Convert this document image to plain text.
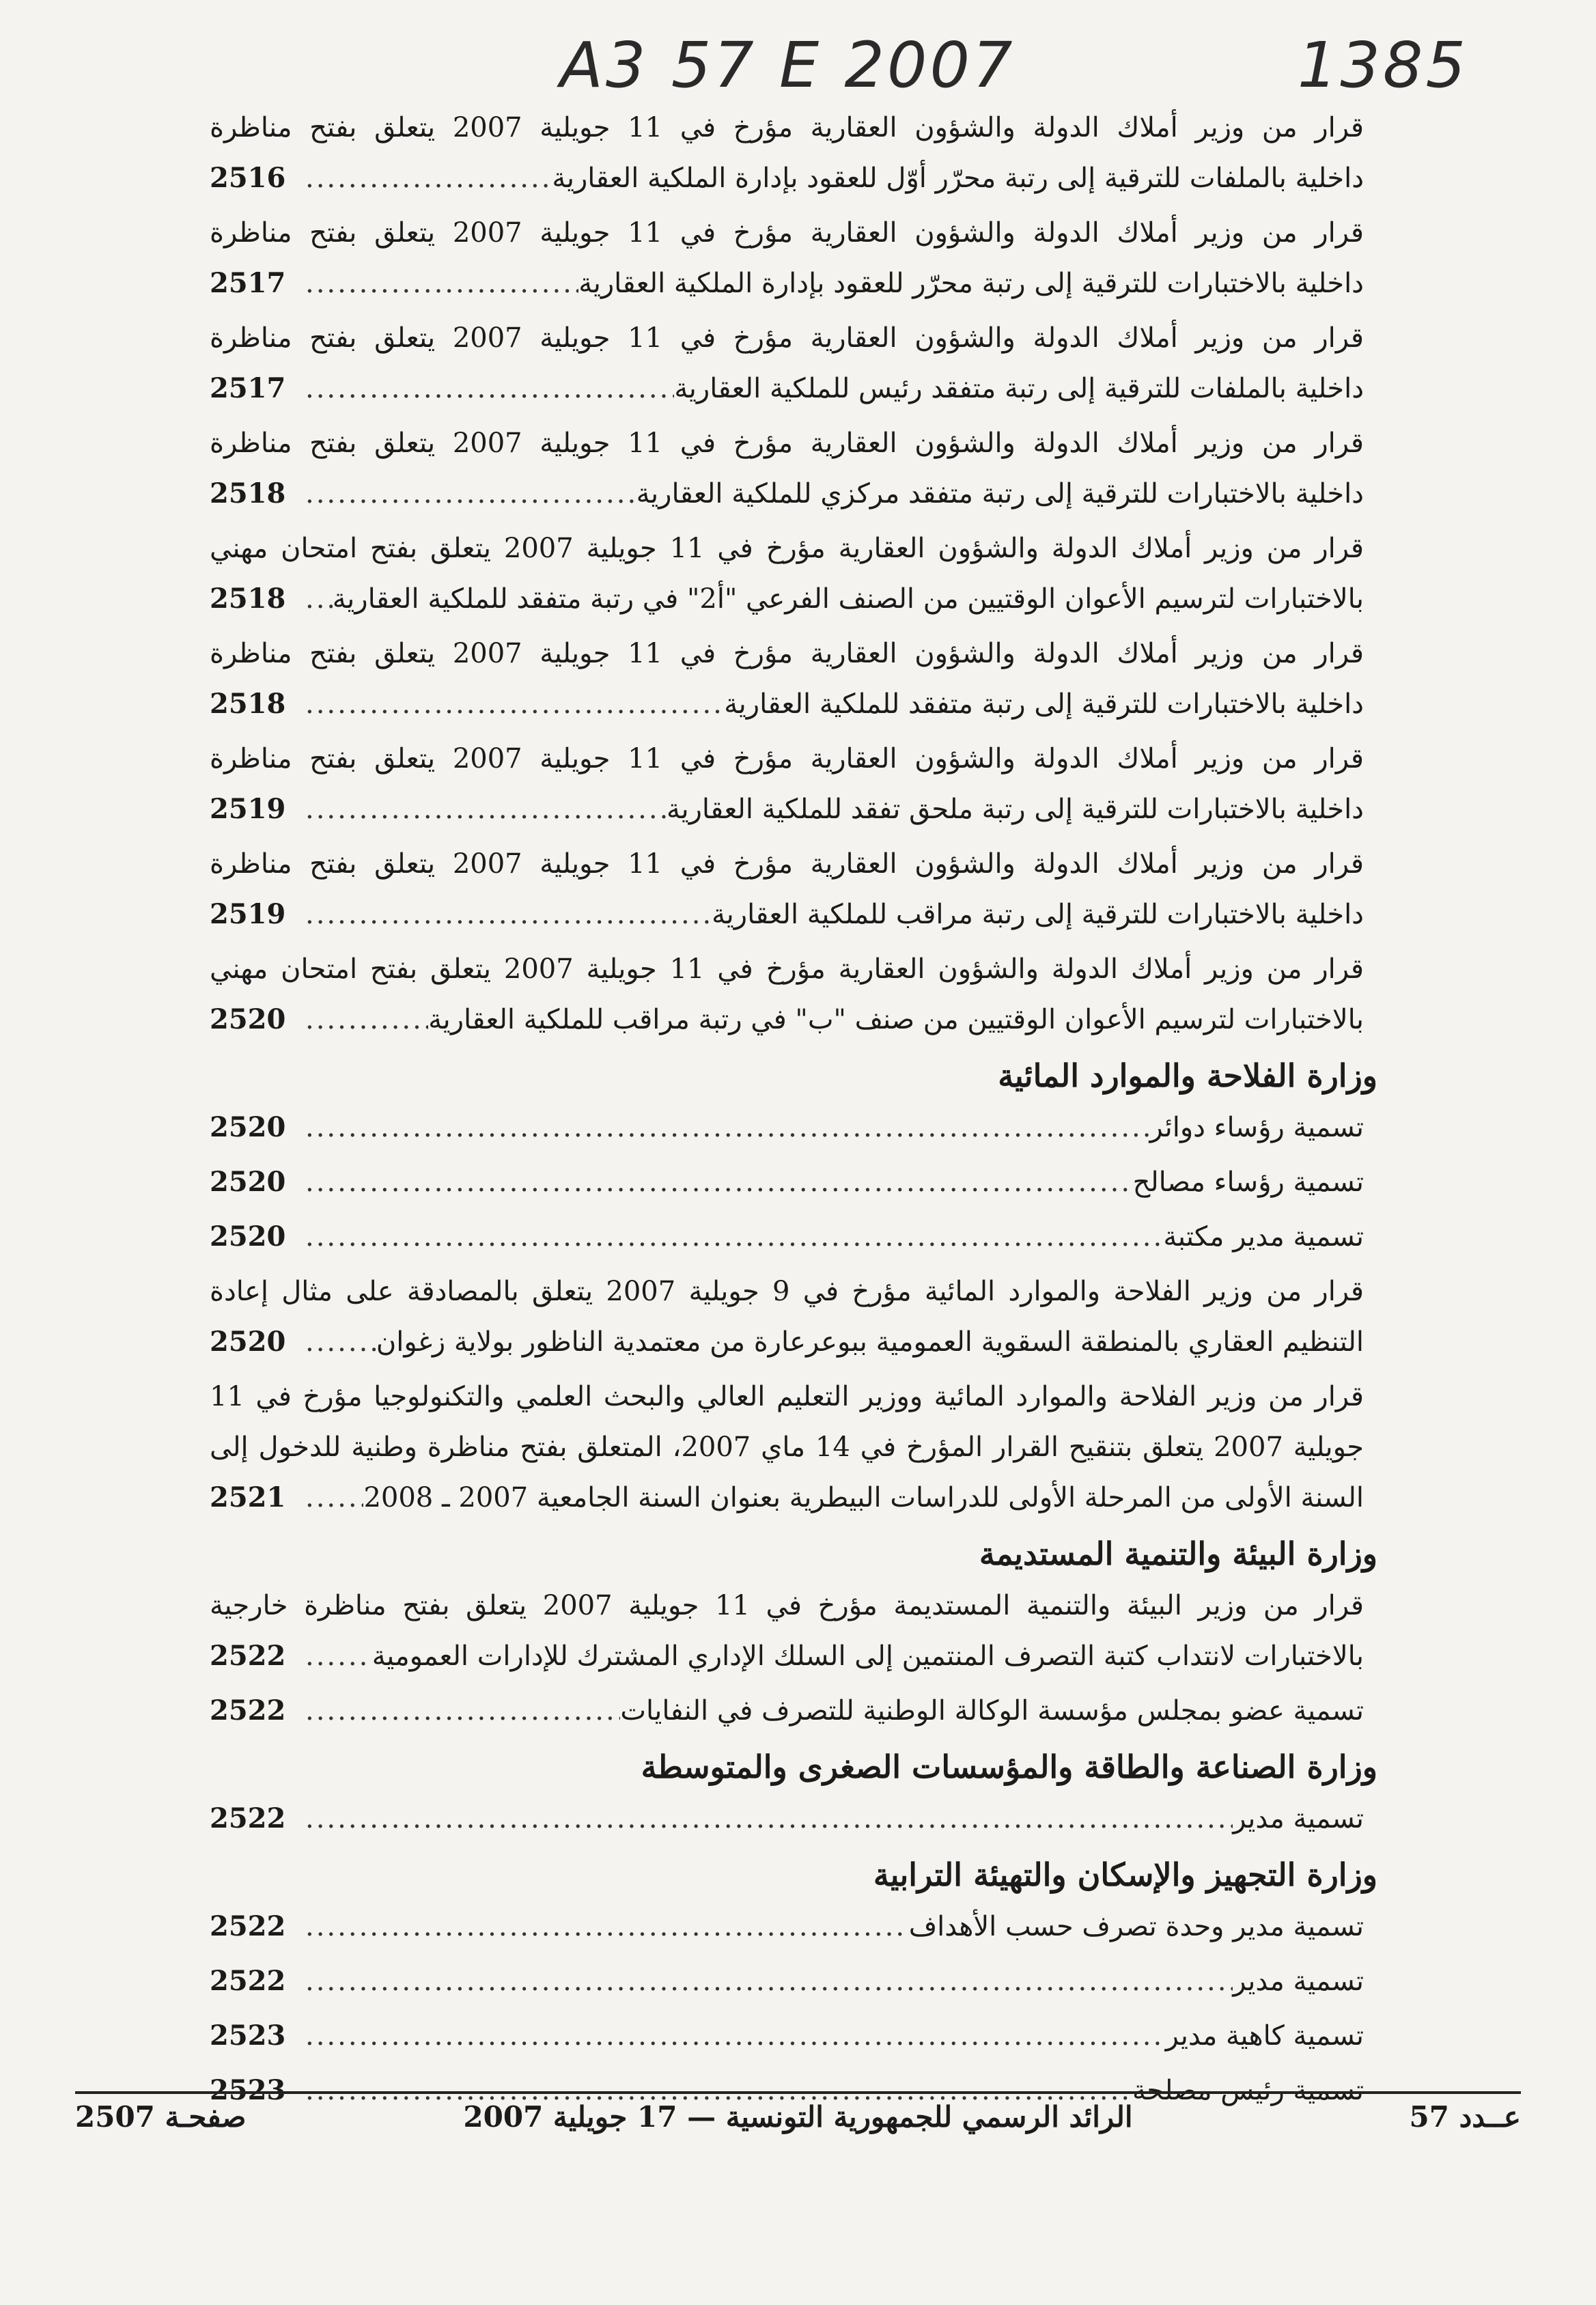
A3 57 E 2007	1385
قرار من وزير أملاك الدولة والشؤون العقارية مؤرخ في 11 جويلية 2007 يتعلق بفتح مناظرة
داخلية بالملفات للترقية إلى رتبة محرّر أوّل للعقود بإدارة الملكية العقارية
.....
2516
قرار من وزير أملاك الدولة والشؤون العقارية مؤرخ في 11 جويلية 2007 يتعلق بفتح مناظرة
داخلية بالاختبارات للترقية إلى رتبة محرّر للعقود بإدارة الملكية العقارية
.....
2517
قرار من وزير أملاك الدولة والشؤون العقارية مؤرخ في 11 جويلية 2007 يتعلق بفتح مناظرة
داخلية بالملفات للترقية إلى رتبة متفقد رئيس للملكية العقارية
.....
2517
قرار من وزير أملاك الدولة والشؤون العقارية مؤرخ في 11 جويلية 2007 يتعلق بفتح مناظرة
داخلية بالاختبارات للترقية إلى رتبة متفقد مركزي للملكية العقارية
.....
2518
قرار من وزير أملاك الدولة والشؤون العقارية مؤرخ في 11 جويلية 2007 يتعلق بفتح امتحان مهني
بالاختبارات لترسيم الأعوان الوقتيين من الصنف الفرعي "أ2" في رتبة متفقد للملكية العقارية
.....
2518
قرار من وزير أملاك الدولة والشؤون العقارية مؤرخ في 11 جويلية 2007 يتعلق بفتح مناظرة
داخلية بالاختبارات للترقية إلى رتبة متفقد للملكية العقارية
.....
2518
قرار من وزير أملاك الدولة والشؤون العقارية مؤرخ في 11 جويلية 2007 يتعلق بفتح مناظرة
داخلية بالاختبارات للترقية إلى رتبة ملحق تفقد للملكية العقارية
.....
2519
قرار من وزير أملاك الدولة والشؤون العقارية مؤرخ في 11 جويلية 2007 يتعلق بفتح مناظرة
داخلية بالاختبارات للترقية إلى رتبة مراقب للملكية العقارية
.....
2519
قرار من وزير أملاك الدولة والشؤون العقارية مؤرخ في 11 جويلية 2007 يتعلق بفتح امتحان مهني
بالاختبارات لترسيم الأعوان الوقتيين من صنف "ب" في رتبة مراقب للملكية العقارية
.....
2520
وزارة الفلاحة والموارد المائية
تسمية رؤساء دوائر
.....
2520
تسمية رؤساء مصالح
.....
2520
تسمية مدير مكتبة
.....
2520
قرار من وزير الفلاحة والموارد المائية مؤرخ في 9 جويلية 2007 يتعلق بالمصادقة على مثال إعادة
التنظيم العقاري بالمنطقة السقوية العمومية ببوعرعارة من معتمدية الناظور بولاية زغوان
.....
2520
قرار من وزير الفلاحة والموارد المائية ووزير التعليم العالي والبحث العلمي والتكنولوجيا مؤرخ في 11
جويلية 2007 يتعلق بتنقيح القرار المؤرخ في 14 ماي 2007، المتعلق بفتح مناظرة وطنية للدخول إلى
السنة الأولى من المرحلة الأولى للدراسات البيطرية بعنوان السنة الجامعية 2007 ـ 2008
.....
2521
وزارة البيئة والتنمية المستديمة
قرار من وزير البيئة والتنمية المستديمة مؤرخ في 11 جويلية 2007 يتعلق بفتح مناظرة خارجية
بالاختبارات لانتداب كتبة التصرف المنتمين إلى السلك الإداري المشترك للإدارات العمومية
.....
2522
تسمية عضو بمجلس مؤسسة الوكالة الوطنية للتصرف في النفايات
.....
2522
وزارة الصناعة والطاقة والمؤسسات الصغرى والمتوسطة
تسمية مدير
.....
2522
وزارة التجهيز والإسكان والتهيئة الترابية
تسمية مدير وحدة تصرف حسب الأهداف
.....
2522
تسمية مدير
.....
2522
تسمية كاهية مدير
.....
2523
تسمية رئيس مصلحة
.....
2523
عــدد 57
الرائد الرسمي للجمهورية التونسية — 17 جويلية 2007
صفحـة 2507
